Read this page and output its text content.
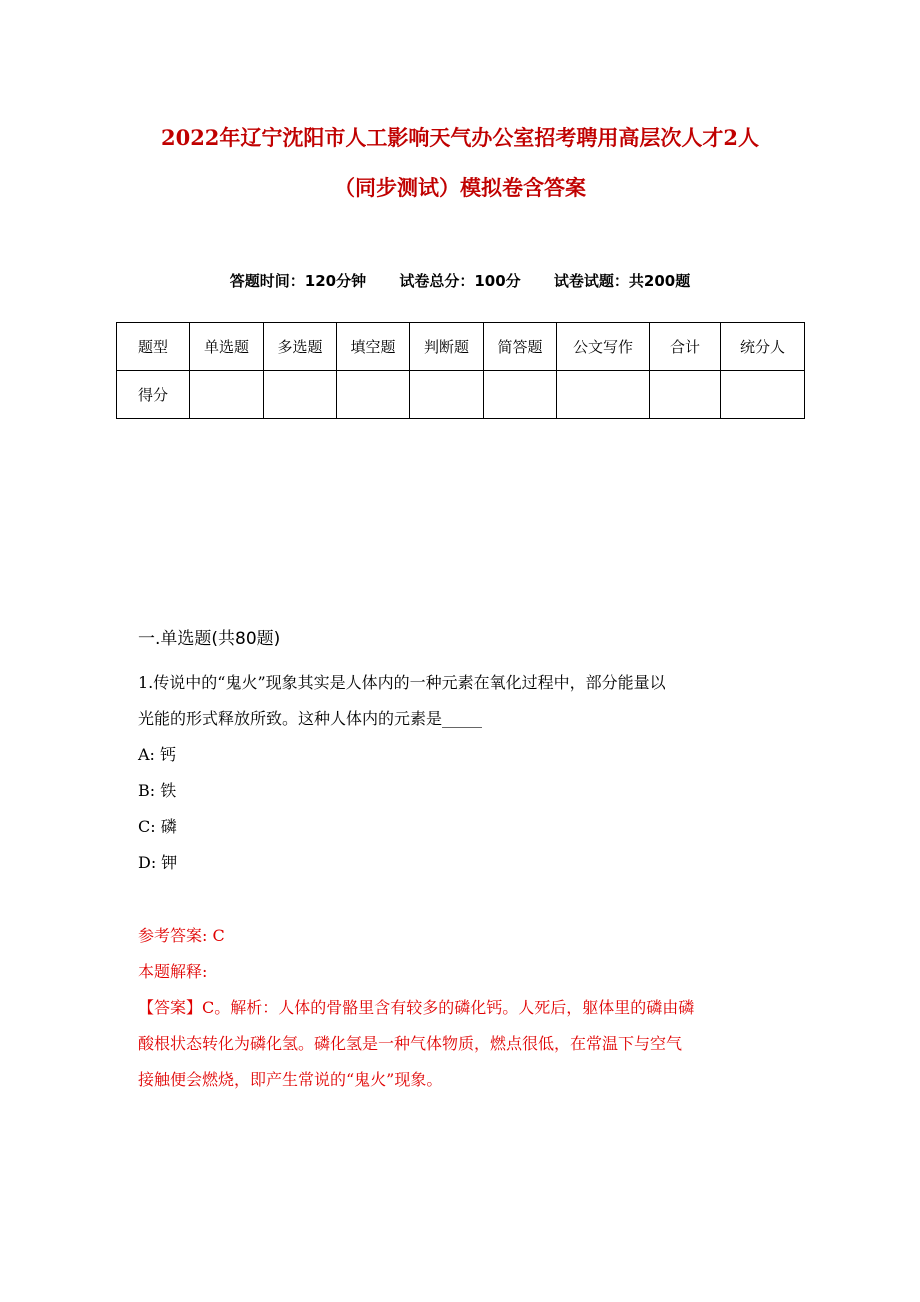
2022年辽宁沈阳市人工影响天气办公室招考聘用高层次人才2人
（同步测试）模拟卷含答案
答题时间：120分钟 试卷总分：100分 试卷试题：共200题
题型	单选题	多选题	填空题	判断题	简答题	公文写作	合计	统分人
得分								
一.单选题(共80题)
1.传说中的“鬼火”现象其实是人体内的一种元素在氧化过程中，部分能量以
光能的形式释放所致。这种人体内的元素是_____
A: 钙
B: 铁
C: 磷
D: 钾
参考答案: C
本题解释:
【答案】C。解析：人体的骨骼里含有较多的磷化钙。人死后，躯体里的磷由磷
酸根状态转化为磷化氢。磷化氢是一种气体物质，燃点很低，在常温下与空气
接触便会燃烧，即产生常说的“鬼火”现象。
